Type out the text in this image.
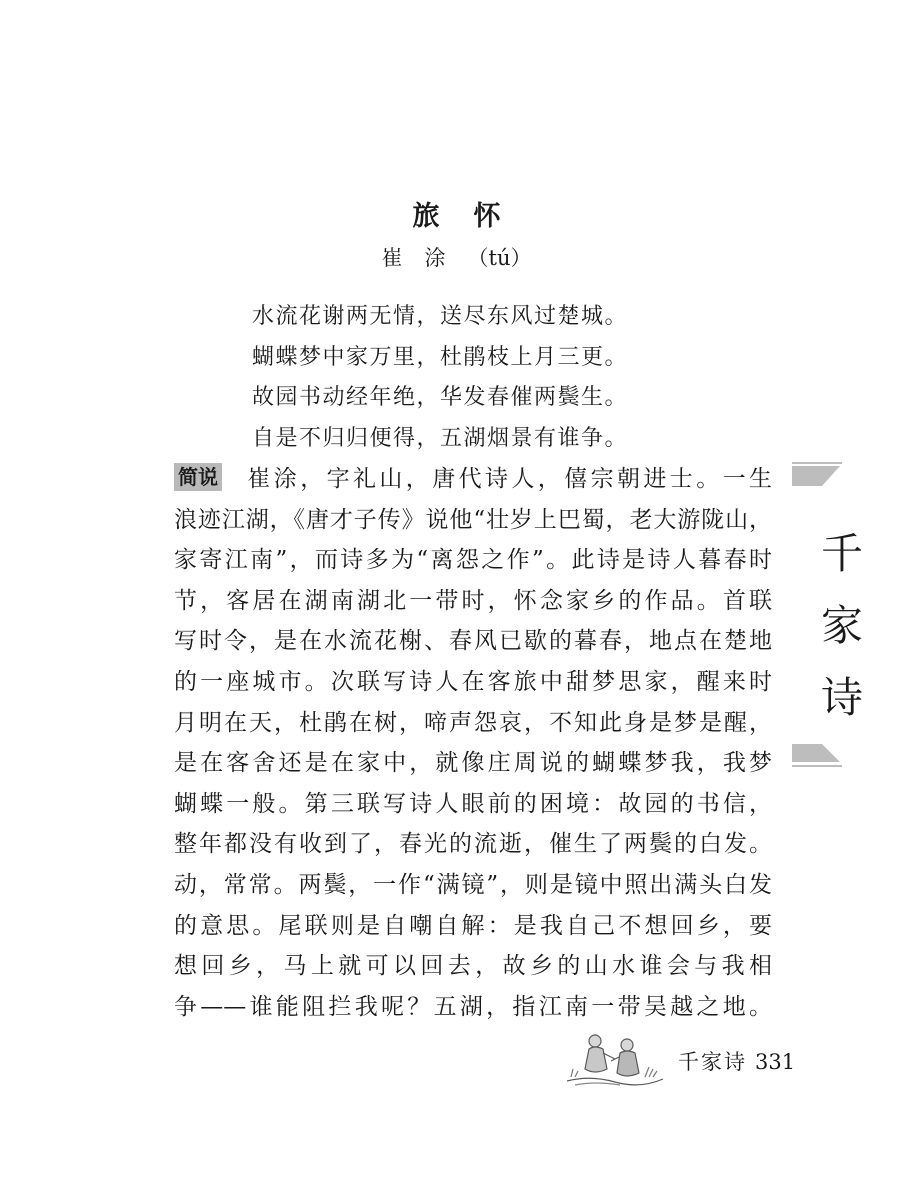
旅怀
崔涂（tú）
水流花谢两无情，送尽东风过楚城。
蝴蝶梦中家万里，杜鹃枝上月三更。
故园书动经年绝，华发春催两鬓生。
自是不归归便得，五湖烟景有谁争。
简说 崔涂，字礼山，唐代诗人，僖宗朝进士。一生
浪迹江湖，《唐才子传》说他“壮岁上巴蜀，老大游陇山，
家寄江南”，而诗多为“离怨之作”。此诗是诗人暮春时
节，客居在湖南湖北一带时，怀念家乡的作品。首联
写时令，是在水流花榭、春风已歇的暮春，地点在楚地
的一座城市。次联写诗人在客旅中甜梦思家，醒来时
月明在天，杜鹃在树，啼声怨哀，不知此身是梦是醒，
是在客舍还是在家中，就像庄周说的蝴蝶梦我，我梦
蝴蝶一般。第三联写诗人眼前的困境：故园的书信，
整年都没有收到了，春光的流逝，催生了两鬓的白发。
动，常常。两鬓，一作“满镜”，则是镜中照出满头白发
的意思。尾联则是自嘲自解：是我自己不想回乡，要
想回乡，马上就可以回去，故乡的山水谁会与我相
争——谁能阻拦我呢？五湖，指江南一带吴越之地。
千
家
诗
千家诗 331
